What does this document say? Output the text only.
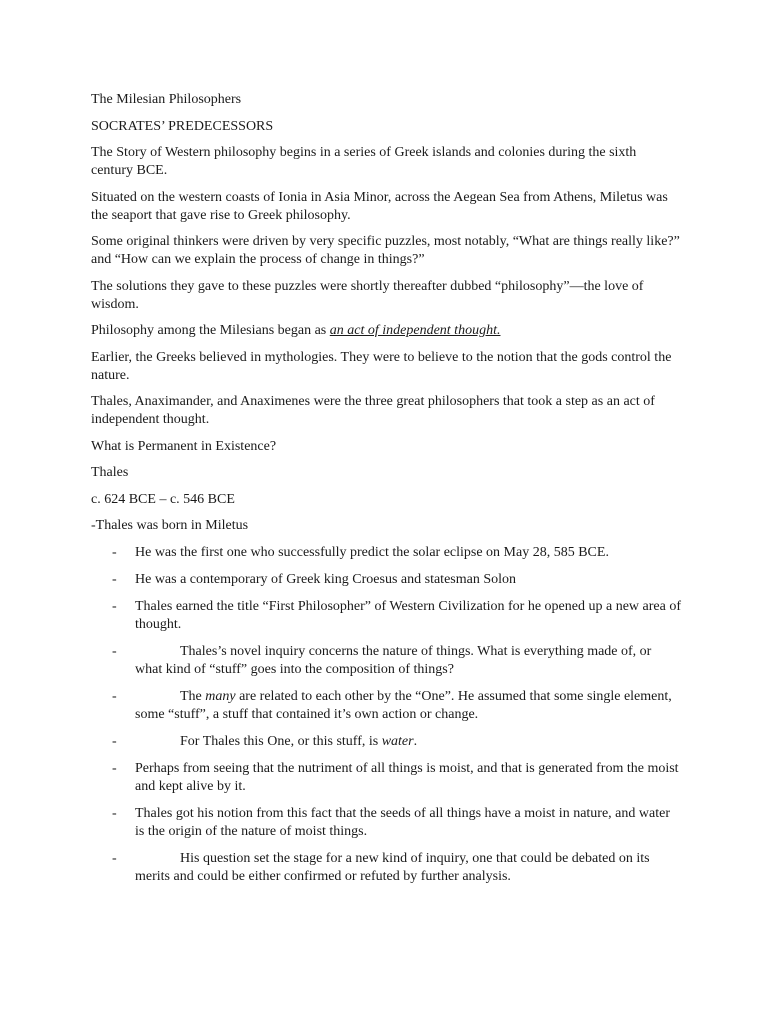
The Milesian Philosophers

SOCRATES’ PREDECESSORS

The Story of Western philosophy begins in a series of Greek islands and colonies during the sixth century BCE.

Situated on the western coasts of Ionia in Asia Minor, across the Aegean Sea from Athens, Miletus was the seaport that gave rise to Greek philosophy.

Some original thinkers were driven by very specific puzzles, most notably, “What are things really like?” and “How can we explain the process of change in things?”

The solutions they gave to these puzzles were shortly thereafter dubbed “philosophy”—the love of wisdom.

Philosophy among the Milesians began as an act of independent thought.

Earlier, the Greeks believed in mythologies. They were to believe to the notion that the gods control the nature.

Thales, Anaximander, and Anaximenes were the three great philosophers that took a step as an act of independent thought.

What is Permanent in Existence?

Thales

c. 624 BCE – c. 546 BCE

-Thales was born in Miletus

- He was the first one who successfully predict the solar eclipse on May 28, 585 BCE.
- He was a contemporary of Greek king Croesus and statesman Solon
- Thales earned the title “First Philosopher” of Western Civilization for he opened up a new area of thought.
-	Thales’s novel inquiry concerns the nature of things. What is everything made of, or what kind of “stuff” goes into the composition of things?
-	The many are related to each other by the “One”. He assumed that some single element, some “stuff”, a stuff that contained it’s own action or change.
-	For Thales this One, or this stuff, is water.
- Perhaps from seeing that the nutriment of all things is moist, and that is generated from the moist and kept alive by it.
- Thales got his notion from this fact that the seeds of all things have a moist in nature, and water is the origin of the nature of moist things.
-	His question set the stage for a new kind of inquiry, one that could be debated on its merits and could be either confirmed or refuted by further analysis.
